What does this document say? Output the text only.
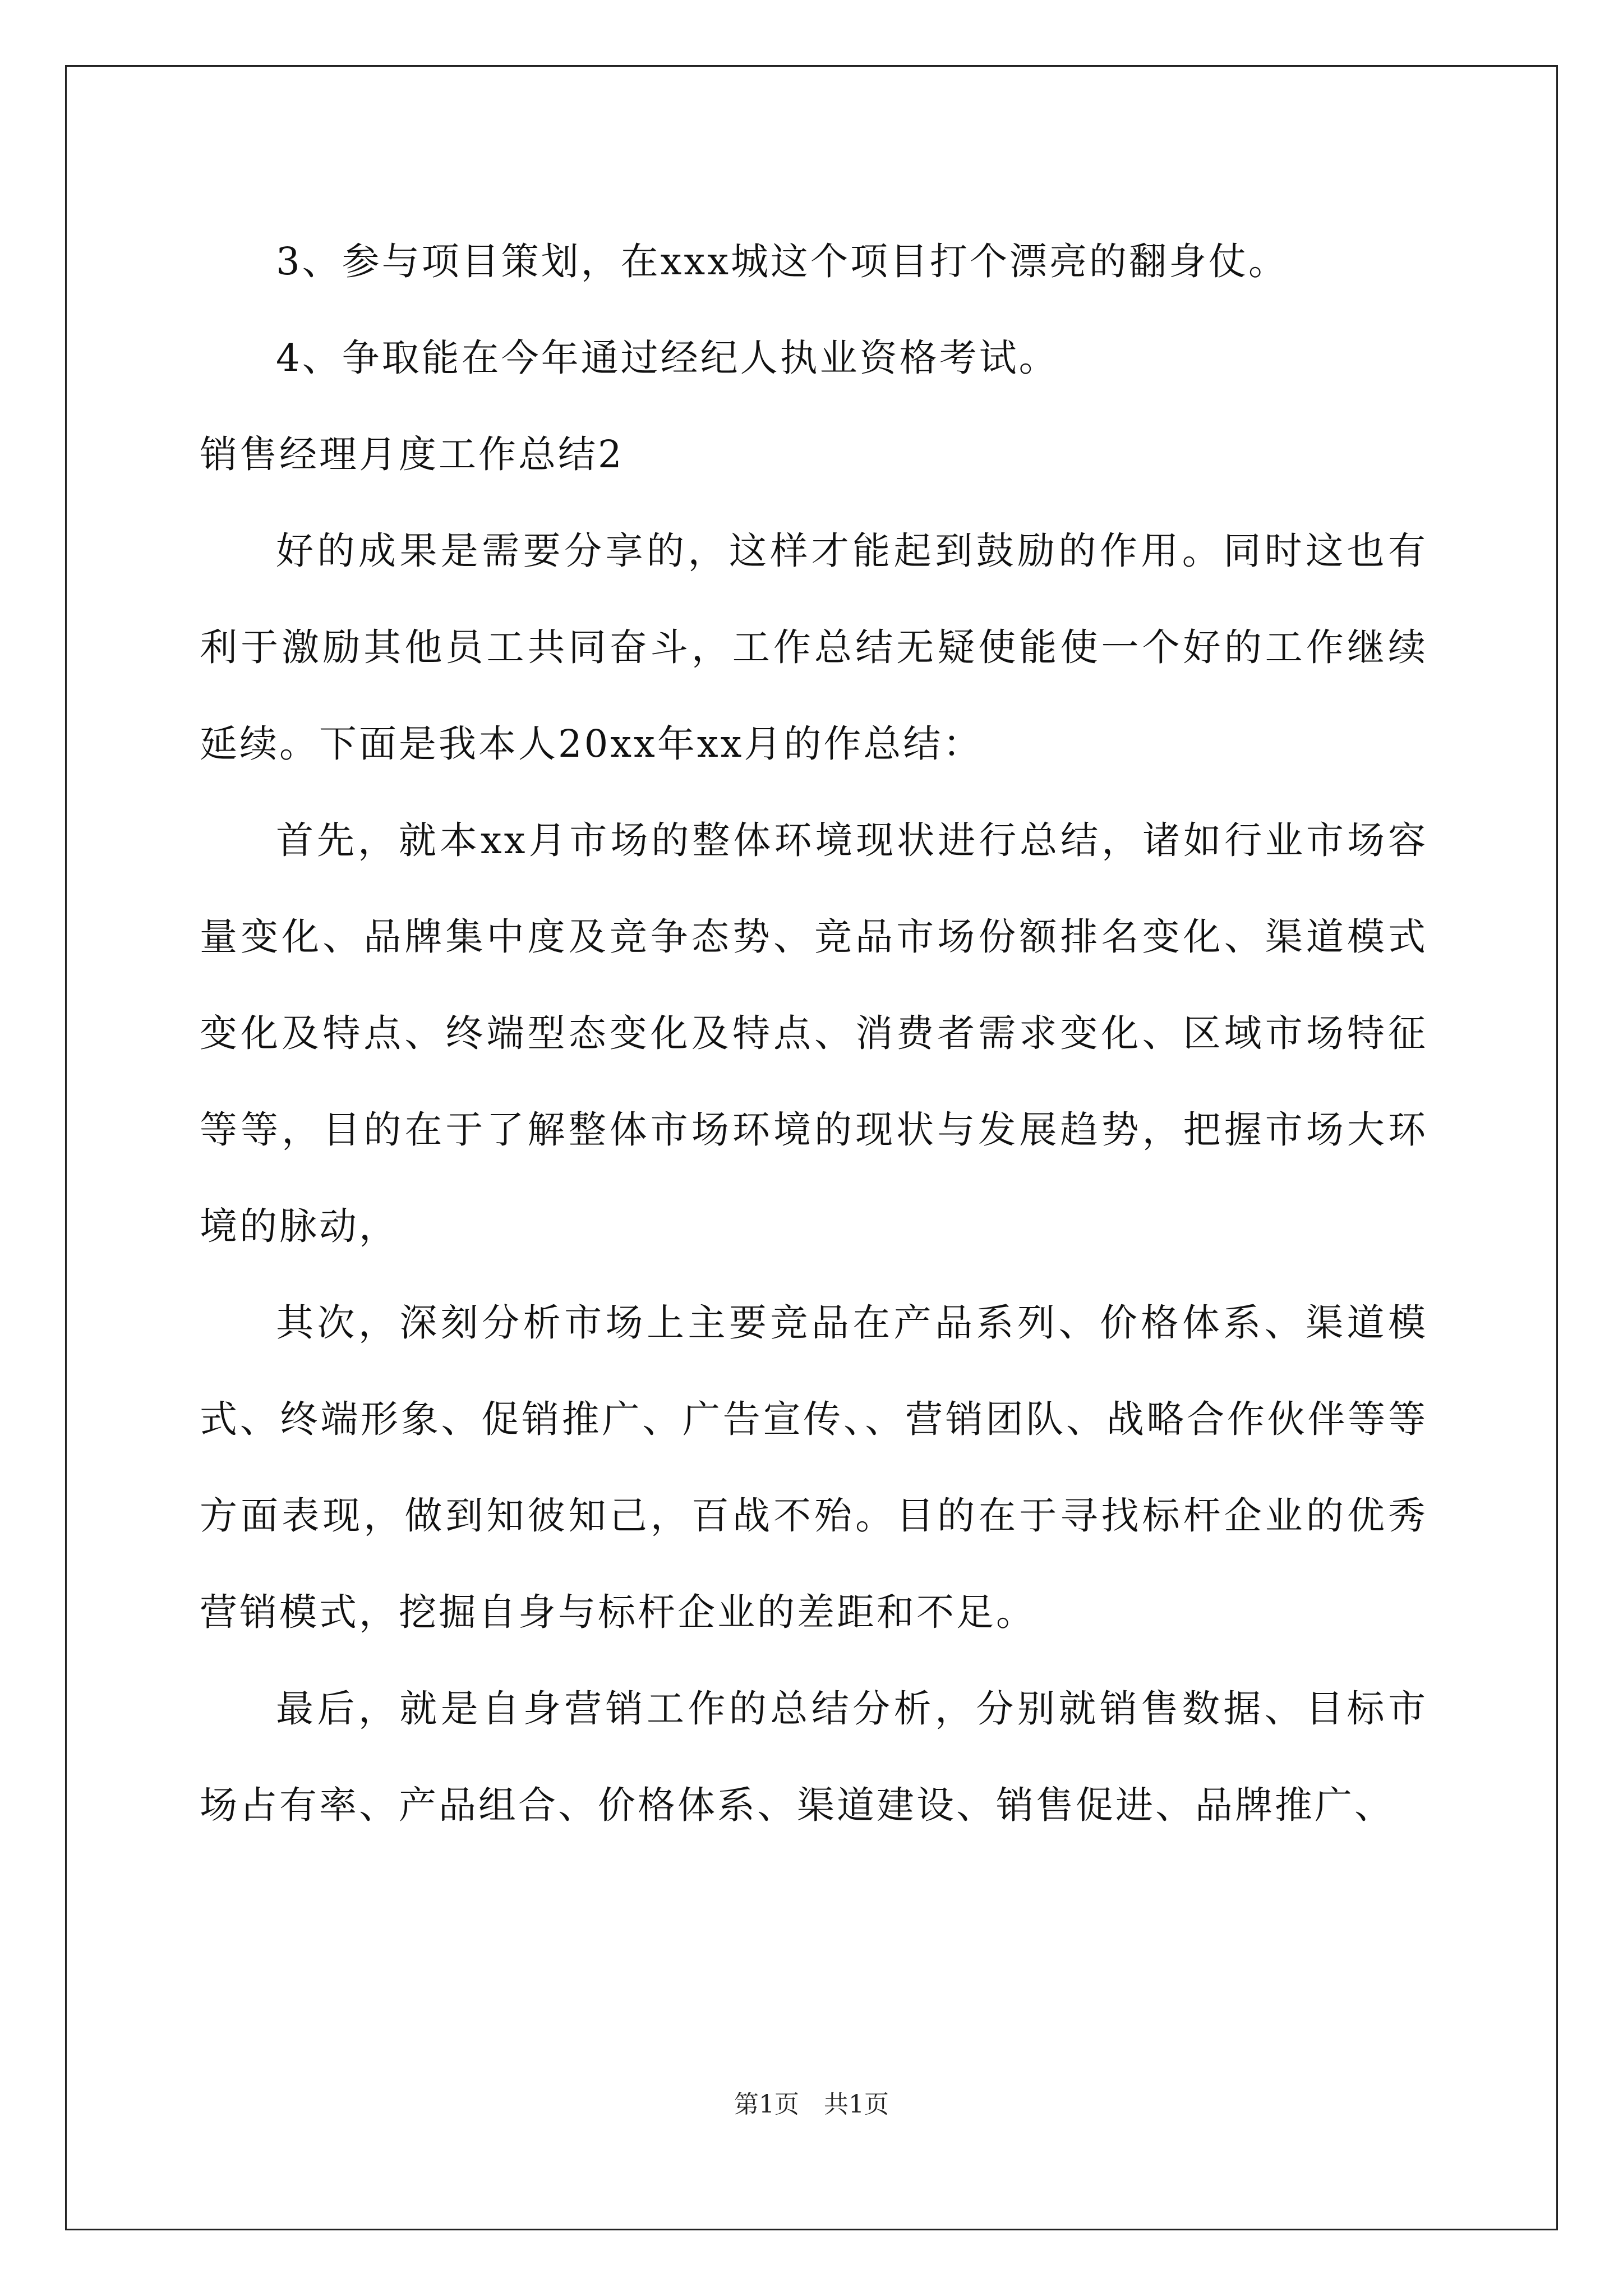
3、参与项目策划，在xxx城这个项目打个漂亮的翻身仗。

4、争取能在今年通过经纪人执业资格考试。

销售经理月度工作总结2

好的成果是需要分享的，这样才能起到鼓励的作用。同时这也有利于激励其他员工共同奋斗，工作总结无疑使能使一个好的工作继续延续。下面是我本人20xx年xx月的作总结：

首先，就本xx月市场的整体环境现状进行总结，诸如行业市场容量变化、品牌集中度及竞争态势、竞品市场份额排名变化、渠道模式变化及特点、终端型态变化及特点、消费者需求变化、区域市场特征等等，目的在于了解整体市场环境的现状与发展趋势，把握市场大环境的脉动，

其次，深刻分析市场上主要竞品在产品系列、价格体系、渠道模式、终端形象、促销推广、广告宣传、、营销团队、战略合作伙伴等等方面表现，做到知彼知己，百战不殆。目的在于寻找标杆企业的优秀营销模式，挖掘自身与标杆企业的差距和不足。

最后，就是自身营销工作的总结分析，分别就销售数据、目标市场占有率、产品组合、价格体系、渠道建设、销售促进、品牌推广、

第1页　共1页
